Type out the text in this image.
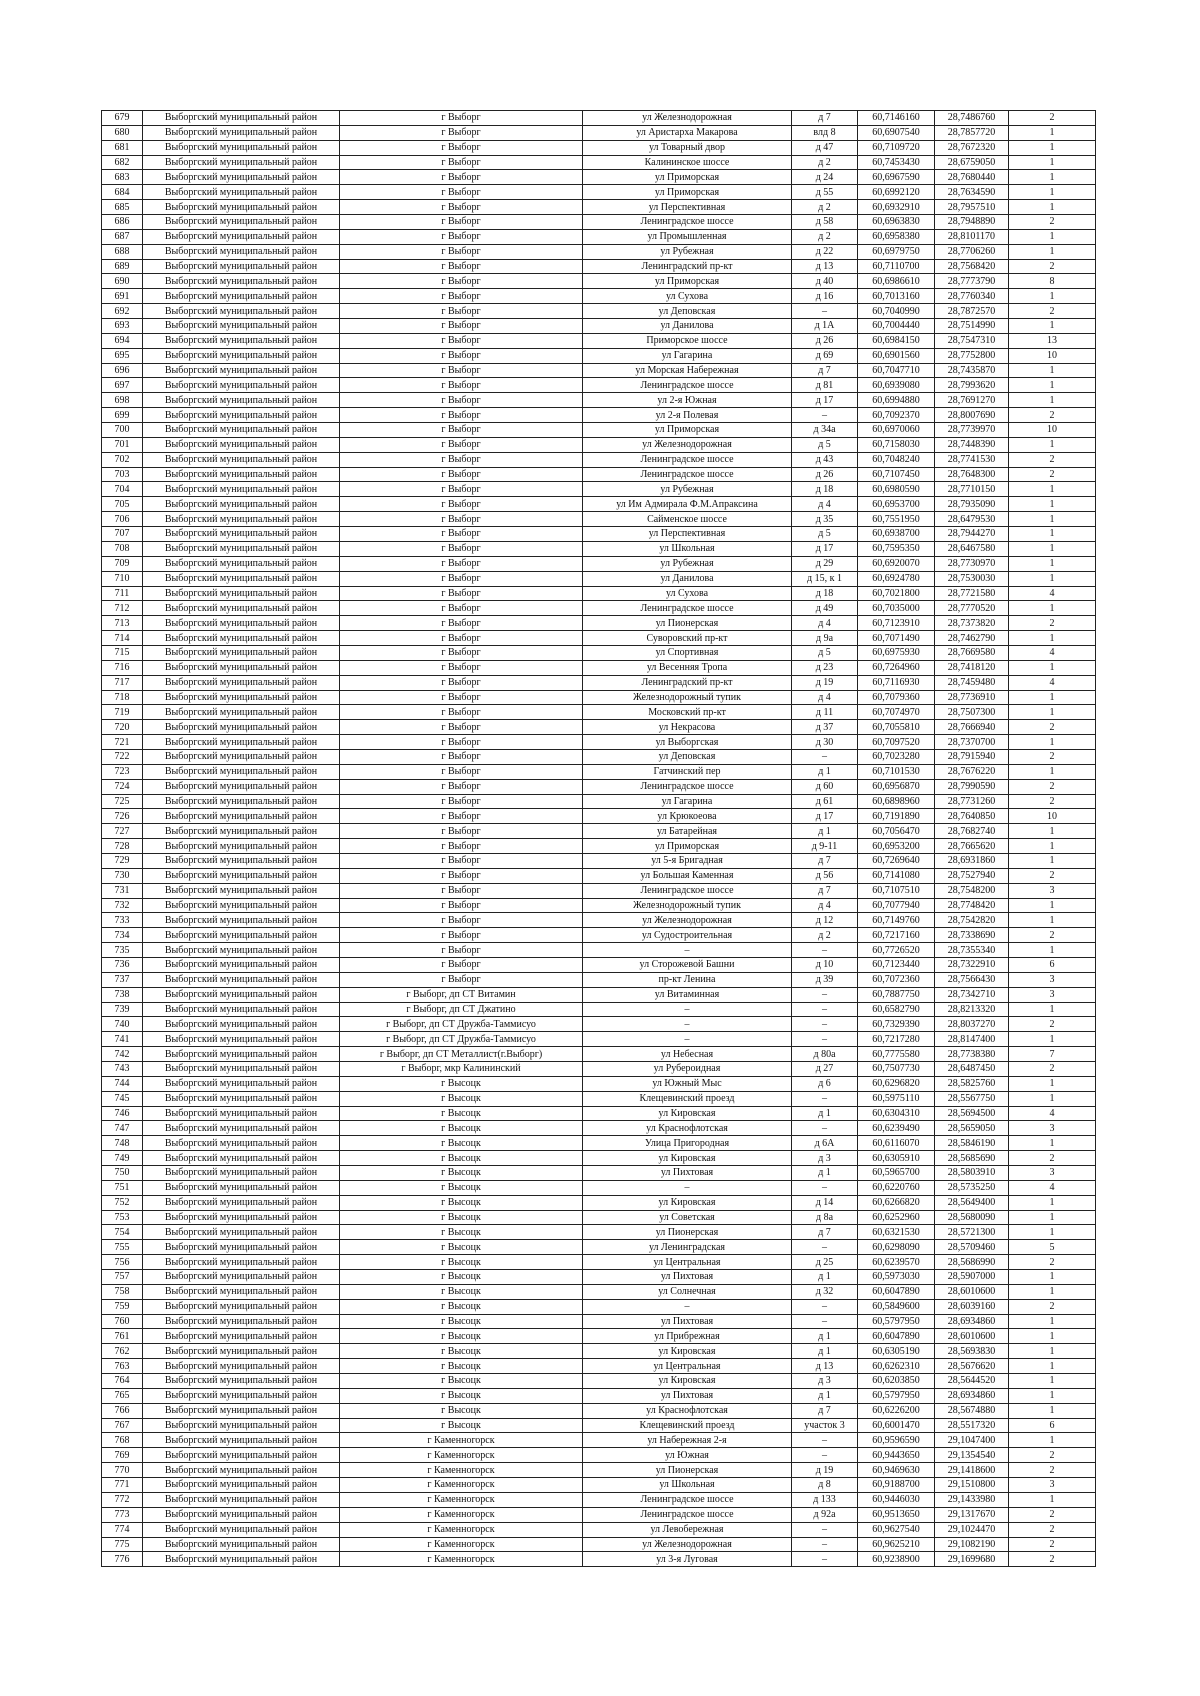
679	Выборгский муниципальный район	г Выборг	ул Железнодорожная	д 7	60,7146160	28,7486760	2
680	Выборгский муниципальный район	г Выборг	ул Аристарха Макарова	влд 8	60,6907540	28,7857720	1
681	Выборгский муниципальный район	г Выборг	ул Товарный двор	д 47	60,7109720	28,7672320	1
682	Выборгский муниципальный район	г Выборг	Калининское шоссе	д 2	60,7453430	28,6759050	1
683	Выборгский муниципальный район	г Выборг	ул Приморская	д 24	60,6967590	28,7680440	1
684	Выборгский муниципальный район	г Выборг	ул Приморская	д 55	60,6992120	28,7634590	1
685	Выборгский муниципальный район	г Выборг	ул Перспективная	д 2	60,6932910	28,7957510	1
686	Выборгский муниципальный район	г Выборг	Ленинградское шоссе	д 58	60,6963830	28,7948890	2
687	Выборгский муниципальный район	г Выборг	ул Промышленная	д 2	60,6958380	28,8101170	1
688	Выборгский муниципальный район	г Выборг	ул Рубежная	д 22	60,6979750	28,7706260	1
689	Выборгский муниципальный район	г Выборг	Ленинградский пр-кт	д 13	60,7110700	28,7568420	2
690	Выборгский муниципальный район	г Выборг	ул Приморская	д 40	60,6986610	28,7773790	8
691	Выборгский муниципальный район	г Выборг	ул Сухова	д 16	60,7013160	28,7760340	1
692	Выборгский муниципальный район	г Выборг	ул Деповская	–	60,7040990	28,7872570	2
693	Выборгский муниципальный район	г Выборг	ул Данилова	д 1А	60,7004440	28,7514990	1
694	Выборгский муниципальный район	г Выборг	Приморское шоссе	д 26	60,6984150	28,7547310	13
695	Выборгский муниципальный район	г Выборг	ул Гагарина	д 69	60,6901560	28,7752800	10
696	Выборгский муниципальный район	г Выборг	ул Морская Набережная	д 7	60,7047710	28,7435870	1
697	Выборгский муниципальный район	г Выборг	Ленинградское шоссе	д 81	60,6939080	28,7993620	1
698	Выборгский муниципальный район	г Выборг	ул 2-я Южная	д 17	60,6994880	28,7691270	1
699	Выборгский муниципальный район	г Выборг	ул 2-я Полевая	–	60,7092370	28,8007690	2
700	Выборгский муниципальный район	г Выборг	ул Приморская	д 34а	60,6970060	28,7739970	10
701	Выборгский муниципальный район	г Выборг	ул Железнодорожная	д 5	60,7158030	28,7448390	1
702	Выборгский муниципальный район	г Выборг	Ленинградское шоссе	д 43	60,7048240	28,7741530	2
703	Выборгский муниципальный район	г Выборг	Ленинградское шоссе	д 26	60,7107450	28,7648300	2
704	Выборгский муниципальный район	г Выборг	ул Рубежная	д 18	60,6980590	28,7710150	1
705	Выборгский муниципальный район	г Выборг	ул Им Адмирала Ф.М.Апраксина	д 4	60,6953700	28,7935090	1
706	Выборгский муниципальный район	г Выборг	Сайменское шоссе	д 35	60,7551950	28,6479530	1
707	Выборгский муниципальный район	г Выборг	ул Перспективная	д 5	60,6938700	28,7944270	1
708	Выборгский муниципальный район	г Выборг	ул Школьная	д 17	60,7595350	28,6467580	1
709	Выборгский муниципальный район	г Выборг	ул Рубежная	д 29	60,6920070	28,7730970	1
710	Выборгский муниципальный район	г Выборг	ул Данилова	д 15, к 1	60,6924780	28,7530030	1
711	Выборгский муниципальный район	г Выборг	ул Сухова	д 18	60,7021800	28,7721580	4
712	Выборгский муниципальный район	г Выборг	Ленинградское шоссе	д 49	60,7035000	28,7770520	1
713	Выборгский муниципальный район	г Выборг	ул Пионерская	д 4	60,7123910	28,7373820	2
714	Выборгский муниципальный район	г Выборг	Суворовский пр-кт	д 9а	60,7071490	28,7462790	1
715	Выборгский муниципальный район	г Выборг	ул Спортивная	д 5	60,6975930	28,7669580	4
716	Выборгский муниципальный район	г Выборг	ул Весенняя Тропа	д 23	60,7264960	28,7418120	1
717	Выборгский муниципальный район	г Выборг	Ленинградский пр-кт	д 19	60,7116930	28,7459480	4
718	Выборгский муниципальный район	г Выборг	Железнодорожный тупик	д 4	60,7079360	28,7736910	1
719	Выборгский муниципальный район	г Выборг	Московский пр-кт	д 11	60,7074970	28,7507300	1
720	Выборгский муниципальный район	г Выборг	ул Некрасова	д 37	60,7055810	28,7666940	2
721	Выборгский муниципальный район	г Выборг	ул Выборгская	д 30	60,7097520	28,7370700	1
722	Выборгский муниципальный район	г Выборг	ул Деповская	–	60,7023280	28,7915940	2
723	Выборгский муниципальный район	г Выборг	Гатчинский пер	д 1	60,7101530	28,7676220	1
724	Выборгский муниципальный район	г Выборг	Ленинградское шоссе	д 60	60,6956870	28,7990590	2
725	Выборгский муниципальный район	г Выборг	ул Гагарина	д 61	60,6898960	28,7731260	2
726	Выборгский муниципальный район	г Выборг	ул Крюкоеова	д 17	60,7191890	28,7640850	10
727	Выборгский муниципальный район	г Выборг	ул Батарейная	д 1	60,7056470	28,7682740	1
728	Выборгский муниципальный район	г Выборг	ул Приморская	д 9-11	60,6953200	28,7665620	1
729	Выборгский муниципальный район	г Выборг	ул 5-я Бригадная	д 7	60,7269640	28,6931860	1
730	Выборгский муниципальный район	г Выборг	ул Большая Каменная	д 56	60,7141080	28,7527940	2
731	Выборгский муниципальный район	г Выборг	Ленинградское шоссе	д 7	60,7107510	28,7548200	3
732	Выборгский муниципальный район	г Выборг	Железнодорожный тупик	д 4	60,7077940	28,7748420	1
733	Выборгский муниципальный район	г Выборг	ул Железнодорожная	д 12	60,7149760	28,7542820	1
734	Выборгский муниципальный район	г Выборг	ул Судостроительная	д 2	60,7217160	28,7338690	2
735	Выборгский муниципальный район	г Выборг	–	–	60,7726520	28,7355340	1
736	Выборгский муниципальный район	г Выборг	ул Сторожевой Башни	д 10	60,7123440	28,7322910	6
737	Выборгский муниципальный район	г Выборг	пр-кт Ленина	д 39	60,7072360	28,7566430	3
738	Выборгский муниципальный район	г Выборг, дп СТ Витамин	ул Витаминная	–	60,7887750	28,7342710	3
739	Выборгский муниципальный район	г Выборг, дп СТ Джатино	–	–	60,6582790	28,8213320	1
740	Выборгский муниципальный район	г Выборг, дп СТ Дружба-Таммисуо	–	–	60,7329390	28,8037270	2
741	Выборгский муниципальный район	г Выборг, дп СТ Дружба-Таммисуо	–	–	60,7217280	28,8147400	1
742	Выборгский муниципальный район	г Выборг, дп СТ Металлист(г.Выборг)	ул Небесная	д 80а	60,7775580	28,7738380	7
743	Выборгский муниципальный район	г Выборг, мкр Калининский	ул Рубероидная	д 27	60,7507730	28,6487450	2
744	Выборгский муниципальный район	г Высоцк	ул Южный Мыс	д 6	60,6296820	28,5825760	1
745	Выборгский муниципальный район	г Высоцк	Клещевинский проезд	–	60,5975110	28,5567750	1
746	Выборгский муниципальный район	г Высоцк	ул Кировская	д 1	60,6304310	28,5694500	4
747	Выборгский муниципальный район	г Высоцк	ул Краснофлотская	–	60,6239490	28,5659050	3
748	Выборгский муниципальный район	г Высоцк	Улица Пригородная	д 6А	60,6116070	28,5846190	1
749	Выборгский муниципальный район	г Высоцк	ул Кировская	д 3	60,6305910	28,5685690	2
750	Выборгский муниципальный район	г Высоцк	ул Пихтовая	д 1	60,5965700	28,5803910	3
751	Выборгский муниципальный район	г Высоцк	–	–	60,6220760	28,5735250	4
752	Выборгский муниципальный район	г Высоцк	ул Кировская	д 14	60,6266820	28,5649400	1
753	Выборгский муниципальный район	г Высоцк	ул Советская	д 8а	60,6252960	28,5680090	1
754	Выборгский муниципальный район	г Высоцк	ул Пионерская	д 7	60,6321530	28,5721300	1
755	Выборгский муниципальный район	г Высоцк	ул Ленинградская	–	60,6298090	28,5709460	5
756	Выборгский муниципальный район	г Высоцк	ул Центральная	д 25	60,6239570	28,5686990	2
757	Выборгский муниципальный район	г Высоцк	ул Пихтовая	д 1	60,5973030	28,5907000	1
758	Выборгский муниципальный район	г Высоцк	ул Солнечная	д 32	60,6047890	28,6010600	1
759	Выборгский муниципальный район	г Высоцк	–	–	60,5849600	28,6039160	2
760	Выборгский муниципальный район	г Высоцк	ул Пихтовая	–	60,5797950	28,6934860	1
761	Выборгский муниципальный район	г Высоцк	ул Прибрежная	д 1	60,6047890	28,6010600	1
762	Выборгский муниципальный район	г Высоцк	ул Кировская	д 1	60,6305190	28,5693830	1
763	Выборгский муниципальный район	г Высоцк	ул Центральная	д 13	60,6262310	28,5676620	1
764	Выборгский муниципальный район	г Высоцк	ул Кировская	д 3	60,6203850	28,5644520	1
765	Выборгский муниципальный район	г Высоцк	ул Пихтовая	д 1	60,5797950	28,6934860	1
766	Выборгский муниципальный район	г Высоцк	ул Краснофлотская	д 7	60,6226200	28,5674880	1
767	Выборгский муниципальный район	г Высоцк	Клещевинский проезд	участок 3	60,6001470	28,5517320	6
768	Выборгский муниципальный район	г Каменногорск	ул Набережная 2-я	–	60,9596590	29,1047400	1
769	Выборгский муниципальный район	г Каменногорск	ул Южная	–	60,9443650	29,1354540	2
770	Выборгский муниципальный район	г Каменногорск	ул Пионерская	д 19	60,9469630	29,1418600	2
771	Выборгский муниципальный район	г Каменногорск	ул Школьная	д 8	60,9188700	29,1510800	3
772	Выборгский муниципальный район	г Каменногорск	Ленинградское шоссе	д 133	60,9446030	29,1433980	1
773	Выборгский муниципальный район	г Каменногорск	Ленинградское шоссе	д 92а	60,9513650	29,1317670	2
774	Выборгский муниципальный район	г Каменногорск	ул Левобережная	–	60,9627540	29,1024470	2
775	Выборгский муниципальный район	г Каменногорск	ул Железнодорожная	–	60,9625210	29,1082190	2
776	Выборгский муниципальный район	г Каменногорск	ул 3-я Луговая	–	60,9238900	29,1699680	2
